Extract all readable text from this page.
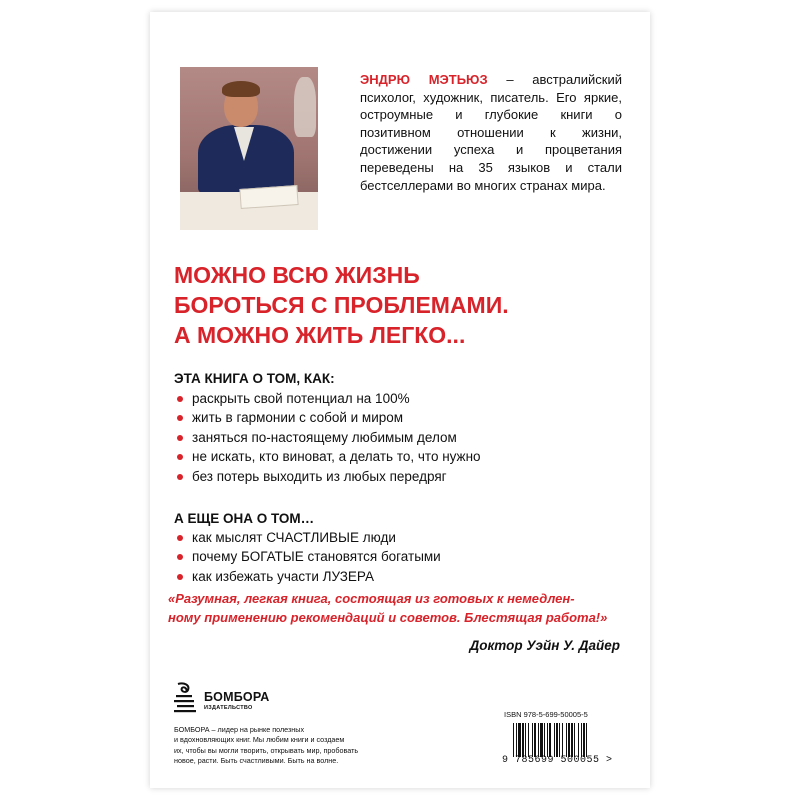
ЭНДРЮ МЭТЬЮЗ – австралийский психолог, художник, писатель. Его яркие, остроумные и глубокие книги о позитивном отношении к жизни, достижении успеха и процветания переведены на 35 языков и стали бестселлерами во многих странах мира.
МОЖНО ВСЮ ЖИЗНЬ
БОРОТЬСЯ С ПРОБЛЕМАМИ.
А МОЖНО ЖИТЬ ЛЕГКО...
ЭТА КНИГА О ТОМ, КАК:
раскрыть свой потенциал на 100%
жить в гармонии с собой и миром
заняться по-настоящему любимым делом
не искать, кто виноват, а делать то, что нужно
без потерь выходить из любых передряг
А ЕЩЕ ОНА О ТОМ…
как мыслят СЧАСТЛИВЫЕ люди
почему БОГАТЫЕ становятся богатыми
как избежать участи ЛУЗЕРА
«Разумная, легкая книга, состоящая из готовых к немедлен-
ному применению рекомендаций и советов. Блестящая работа!»
Доктор Уэйн У. Дайер
БОМБОРА
ИЗДАТЕЛЬСТВО
БОМБОРА – лидер на рынке полезных
и вдохновляющих книг. Мы любим книги и создаем
их, чтобы вы могли творить, открывать мир, пробовать
новое, расти. Быть счастливыми. Быть на волне.
ISBN 978-5-699-50005-5
9 785699 500055 >
